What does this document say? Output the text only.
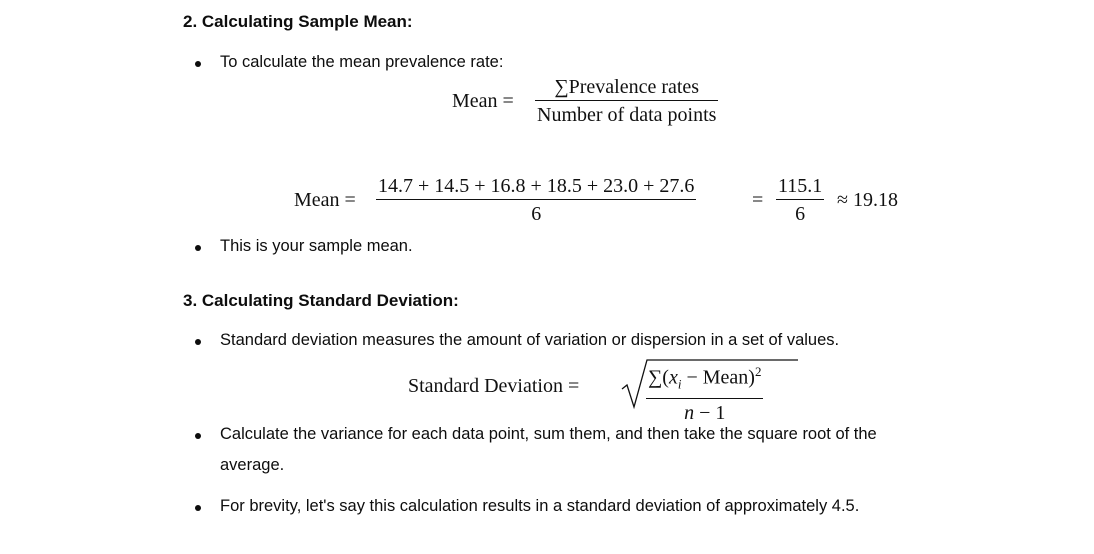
2. Calculating Sample Mean:
To calculate the mean prevalence rate:
Mean =
∑Prevalence rates
Number of data points
Mean =
14.7 + 14.5 + 16.8 + 18.5 + 23.0 + 27.6
6
=
115.1
6
≈ 19.18
This is your sample mean.
3. Calculating Standard Deviation:
Standard deviation measures the amount of variation or dispersion in a set of values.
Standard Deviation =	$\sum(x_i$ − Mean)$^2$
n − 1
Calculate the variance for each data point, sum them, and then take the square root of the
average.
For brevity, let's say this calculation results in a standard deviation of approximately 4.5.
